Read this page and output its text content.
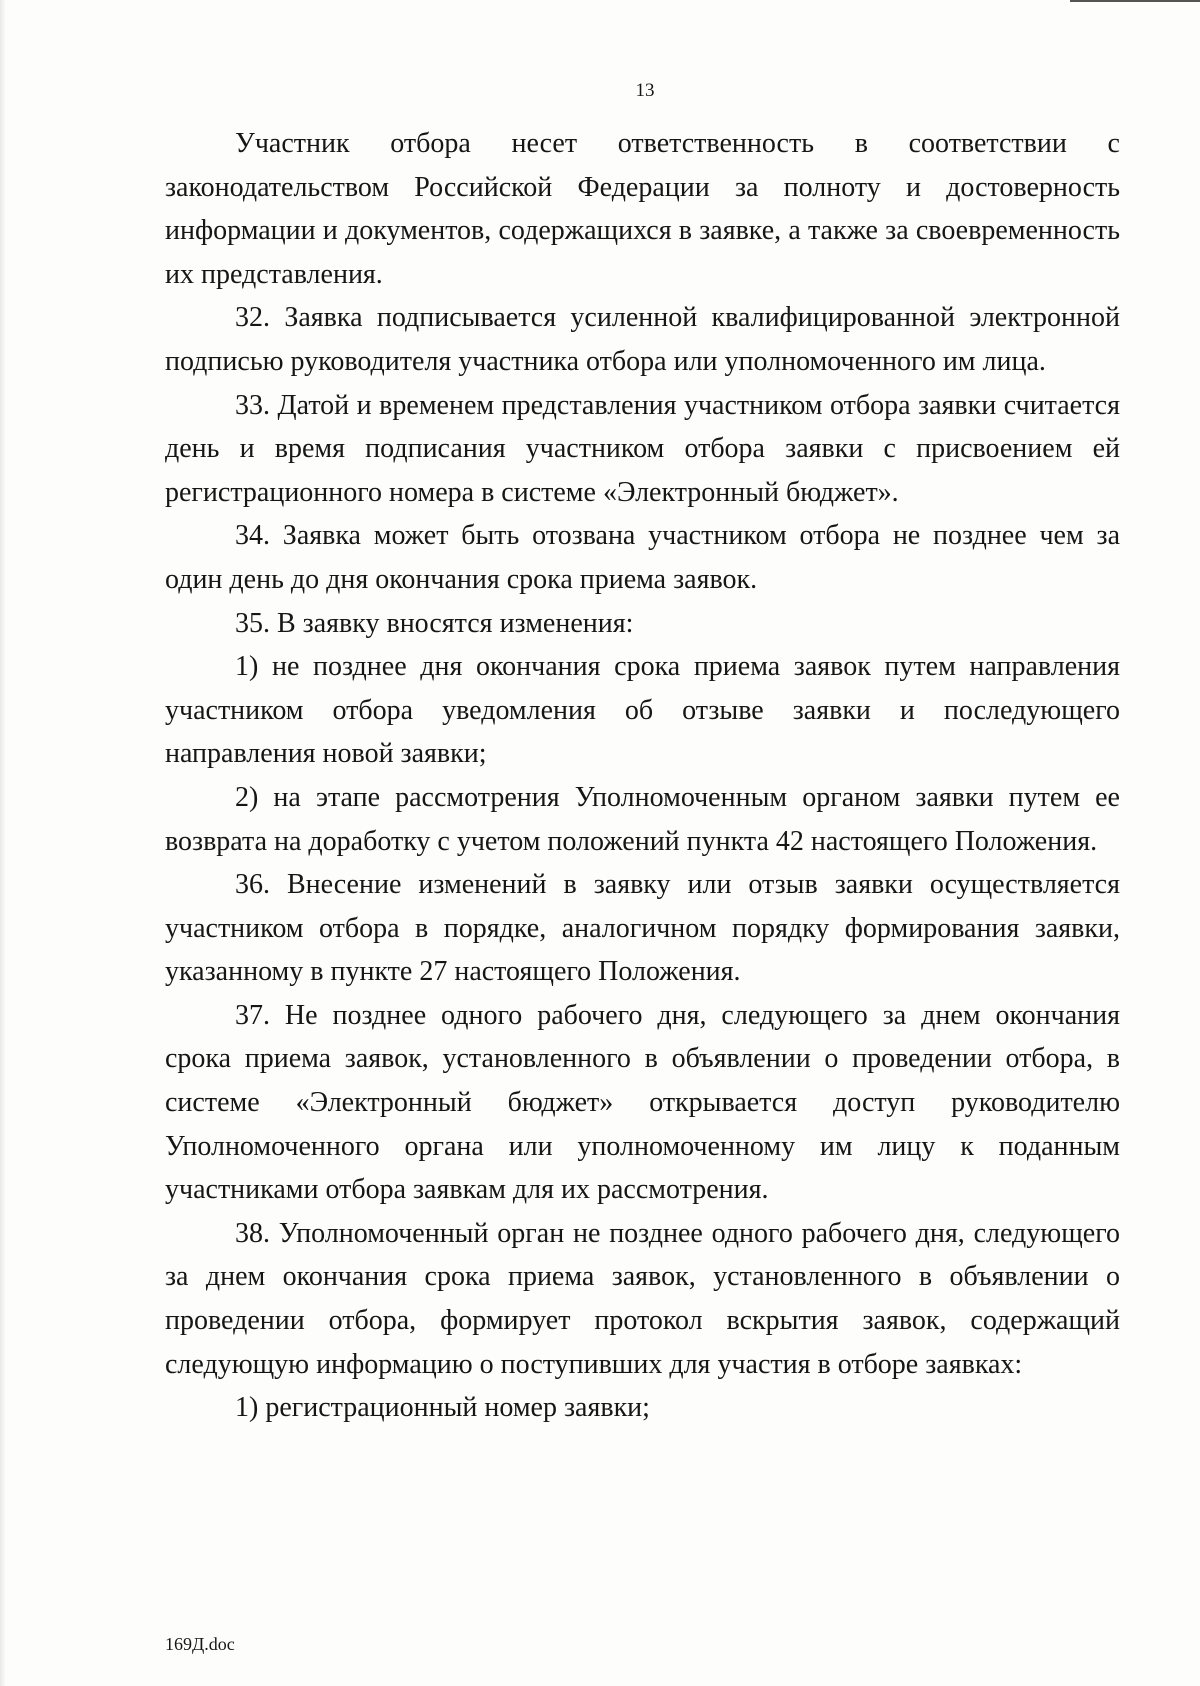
13

Участник отбора несет ответственность в соответствии с законодательством Российской Федерации за полноту и достоверность информации и документов, содержащихся в заявке, а также за своевременность их представления.

32. Заявка подписывается усиленной квалифицированной электронной подписью руководителя участника отбора или уполномоченного им лица.

33. Датой и временем представления участником отбора заявки считается день и время подписания участником отбора заявки с присвоением ей регистрационного номера в системе «Электронный бюджет».

34. Заявка может быть отозвана участником отбора не позднее чем за один день до дня окончания срока приема заявок.

35. В заявку вносятся изменения:

1) не позднее дня окончания срока приема заявок путем направления участником отбора уведомления об отзыве заявки и последующего направления новой заявки;

2) на этапе рассмотрения Уполномоченным органом заявки путем ее возврата на доработку с учетом положений пункта 42 настоящего Положения.

36. Внесение изменений в заявку или отзыв заявки осуществляется участником отбора в порядке, аналогичном порядку формирования заявки, указанному в пункте 27 настоящего Положения.

37. Не позднее одного рабочего дня, следующего за днем окончания срока приема заявок, установленного в объявлении о проведении отбора, в системе «Электронный бюджет» открывается доступ руководителю Уполномоченного органа или уполномоченному им лицу к поданным участниками отбора заявкам для их рассмотрения.

38. Уполномоченный орган не позднее одного рабочего дня, следующего за днем окончания срока приема заявок, установленного в объявлении о проведении отбора, формирует протокол вскрытия заявок, содержащий следующую информацию о поступивших для участия в отборе заявках:

1) регистрационный номер заявки;

169Д.doc
